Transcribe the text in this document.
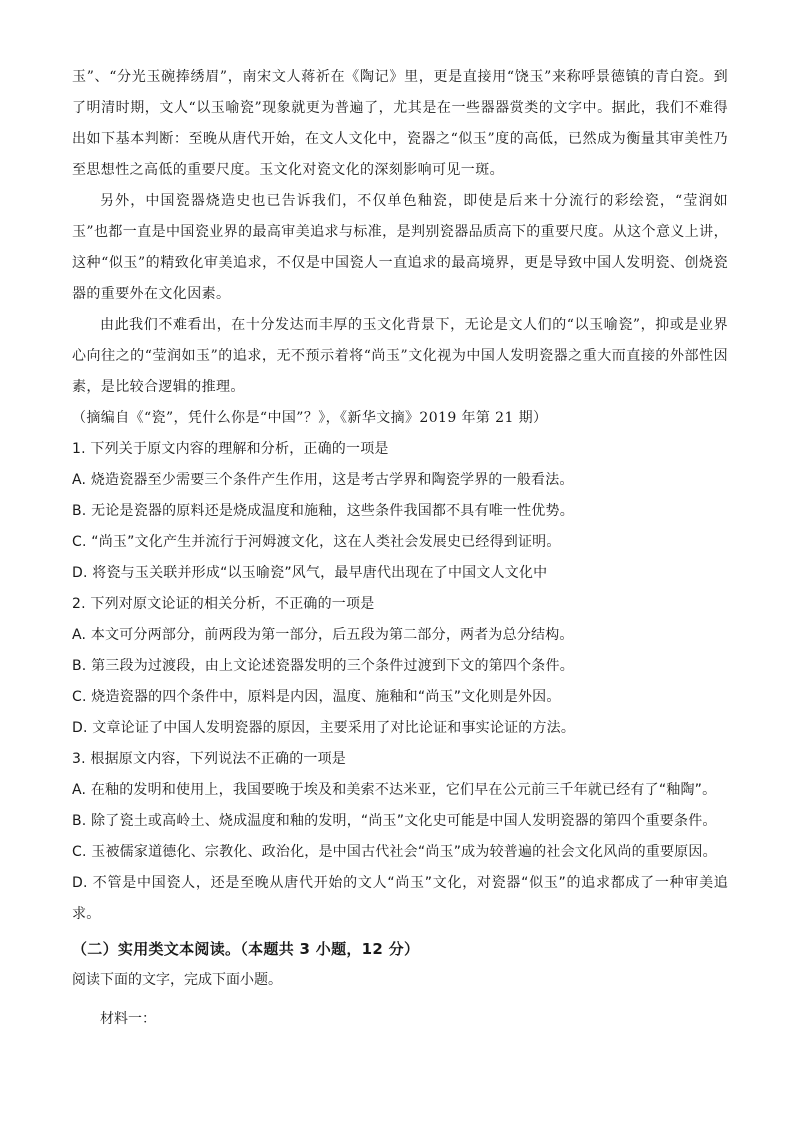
玉”、“分光玉碗捧绣眉”，南宋文人蒋祈在《陶记》里，更是直接用“饶玉”来称呼景德镇的青白瓷。到了明清时期，文人“以玉喻瓷”现象就更为普遍了，尤其是在一些器器赏类的文字中。据此，我们不难得出如下基本判断：至晚从唐代开始，在文人文化中，瓷器之“似玉”度的高低，已然成为衡量其审美性乃至思想性之高低的重要尺度。玉文化对瓷文化的深刻影响可见一斑。

另外，中国瓷器烧造史也已告诉我们，不仅单色釉瓷，即使是后来十分流行的彩绘瓷，“莹润如玉”也都一直是中国瓷业界的最高审美追求与标准，是判别瓷器品质高下的重要尺度。从这个意义上讲，这种“似玉”的精致化审美追求，不仅是中国瓷人一直追求的最高境界，更是导致中国人发明瓷、创烧瓷器的重要外在文化因素。

由此我们不难看出，在十分发达而丰厚的玉文化背景下，无论是文人们的“以玉喻瓷”，抑或是业界心向往之的“莹润如玉”的追求，无不预示着将“尚玉”文化视为中国人发明瓷器之重大而直接的外部性因素，是比较合逻辑的推理。

（摘编自《“瓷”，凭什么你是“中国”？》，《新华文摘》2019 年第 21 期）

1. 下列关于原文内容的理解和分析，正确的一项是

A. 烧造瓷器至少需要三个条件产生作用，这是考古学界和陶瓷学界的一般看法。

B. 无论是瓷器的原料还是烧成温度和施釉，这些条件我国都不具有唯一性优势。

C. “尚玉”文化产生并流行于河姆渡文化，这在人类社会发展史已经得到证明。

D. 将瓷与玉关联并形成“以玉喻瓷”风气，最早唐代出现在了中国文人文化中

2. 下列对原文论证的相关分析，不正确的一项是

A. 本文可分两部分，前两段为第一部分，后五段为第二部分，两者为总分结构。

B. 第三段为过渡段，由上文论述瓷器发明的三个条件过渡到下文的第四个条件。

C. 烧造瓷器的四个条件中，原料是内因，温度、施釉和“尚玉”文化则是外因。

D. 文章论证了中国人发明瓷器的原因，主要采用了对比论证和事实论证的方法。

3. 根据原文内容，下列说法不正确的一项是

A. 在釉的发明和使用上，我国要晚于埃及和美索不达米亚，它们早在公元前三千年就已经有了“釉陶”。

B. 除了瓷土或高岭土、烧成温度和釉的发明，“尚玉”文化史可能是中国人发明瓷器的第四个重要条件。

C. 玉被儒家道德化、宗教化、政治化，是中国古代社会“尚玉”成为较普遍的社会文化风尚的重要原因。

D. 不管是中国瓷人，还是至晚从唐代开始的文人“尚玉”文化，对瓷器“似玉”的追求都成了一种审美追求。

（二）实用类文本阅读。（本题共 3 小题，12 分）

阅读下面的文字，完成下面小题。

材料一：
